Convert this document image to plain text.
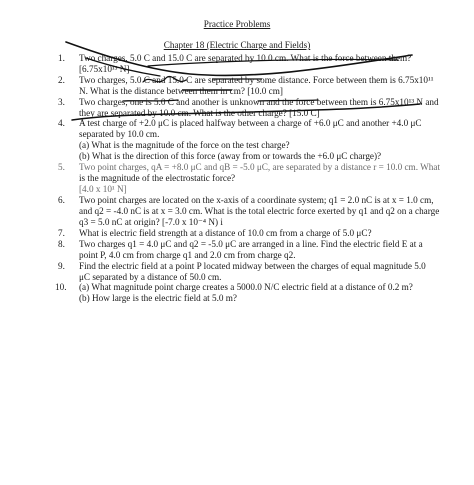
Practice Problems
Chapter 18 (Electric Charge and Fields)
1. Two charges, 5.0 C and 15.0 C are separated by 10.0 cm. What is the force between them?
[6.75x10¹³ N]
2. Two charges, 5.0 C and 15.0 C are separated by some distance. Force between them is 6.75x10¹¹
N. What is the distance between them in cm? [10.0 cm]
3. Two charges, one is 5.0 C and another is unknown and the force between them is 6.75x10¹³ N and
they are separated by 10.0 cm. What is the other charge? [15.0 C]
4. A test charge of +2.0 μC is placed halfway between a charge of +6.0 μC and another +4.0 μC
separated by 10.0 cm.
(a) What is the magnitude of the force on the test charge?
(b) What is the direction of this force (away from or towards the +6.0 μC charge)?
5. Two point charges, qA = +8.0 μC and qB = -5.0 μC, are separated by a distance r = 10.0 cm. What
is the magnitude of the electrostatic force?
[4.0 x 10¹ N]
6. Two point charges are located on the x-axis of a coordinate system; q1 = 2.0 nC is at x = 1.0 cm,
and q2 = -4.0 nC is at x = 3.0 cm. What is the total electric force exerted by q1 and q2 on a charge
q3 = 5.0 nC at origin? [-7.0 x 10⁻⁴ N) i
7. What is electric field strength at a distance of 10.0 cm from a charge of 5.0 μC?
8. Two charges q1 = 4.0 μC and q2 = -5.0 μC are arranged in a line. Find the electric field E at a
point P, 4.0 cm from charge q1 and 2.0 cm from charge q2.
9. Find the electric field at a point P located midway between the charges of equal magnitude 5.0
μC separated by a distance of 50.0 cm.
10. (a) What magnitude point charge creates a 5000.0 N/C electric field at a distance of 0.2 m?
(b) How large is the electric field at 5.0 m?
